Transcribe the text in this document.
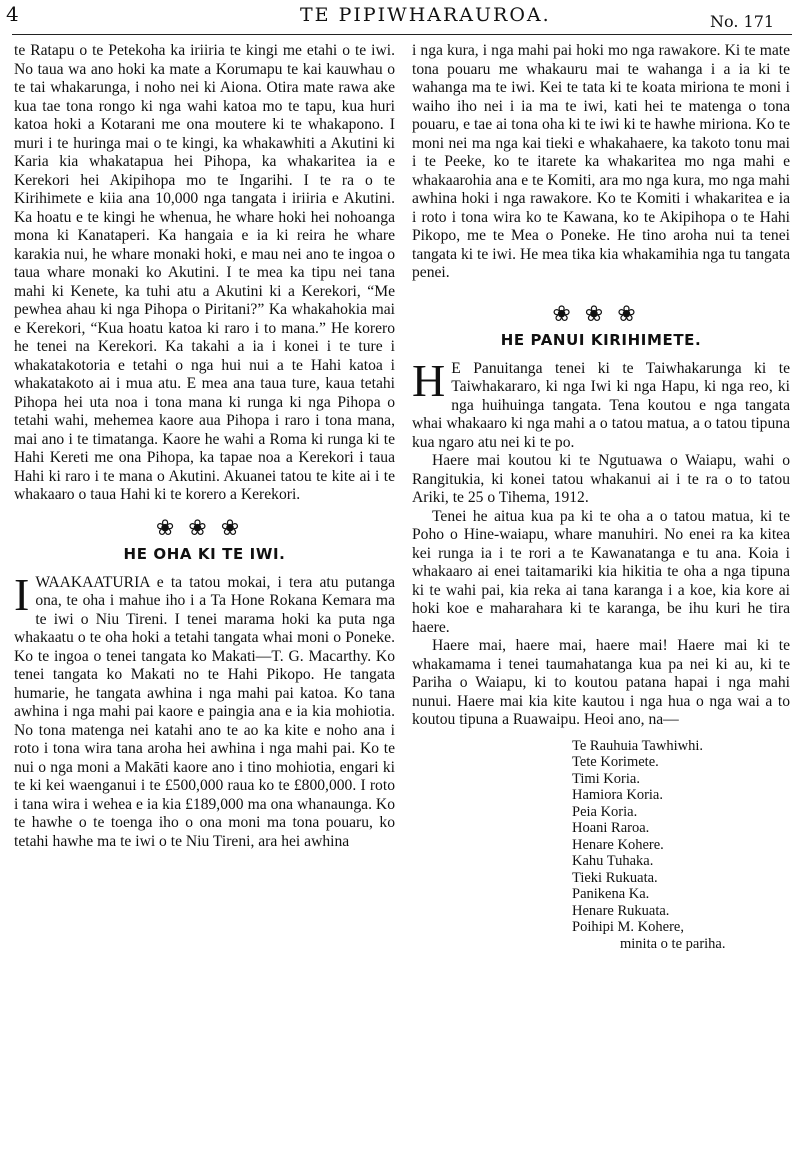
4	TE PIPIWHARAUROA.	No. 171

te Ratapu o te Petekoha ka iriiria te kingi me etahi o te iwi. No taua wa ano hoki ka mate a Korumapu te kai kauwhau o te tai whakarunga, i noho nei ki Aiona. Otira mate rawa ake kua tae tona rongo ki nga wahi katoa mo te tapu, kua huri katoa hoki a Kotarani me ona moutere ki te whakapono. I muri i te huringa mai o te kingi, ka whakawhiti a Akutini ki Karia kia whakatapua hei Pihopa, ka whakaritea ia e Kerekori hei Akipihopa mo te Ingarihi. I te ra o te Kirihimete e kiia ana 10,000 nga tangata i iriiria e Akutini. Ka hoatu e te kingi he whenua, he whare hoki hei nohoanga mona ki Kanataperi. Ka hangaia e ia ki reira he whare karakia nui, he whare monaki hoki, e mau nei ano te ingoa o taua whare monaki ko Akutini. I te mea ka tipu nei tana mahi ki Kenete, ka tuhi atu a Akutini ki a Kerekori, “Me pewhea ahau ki nga Pihopa o Piritani?” Ka whakahokia mai e Kerekori, “Kua hoatu katoa ki raro i to mana.” He korero he tenei na Kerekori. Ka takahi a ia i konei i te ture i whakatakotoria e tetahi o nga hui nui a te Hahi katoa i whakatakoto ai i mua atu. E mea ana taua ture, kaua tetahi Pihopa hei uta noa i tona mana ki runga ki nga Pihopa o tetahi wahi, mehemea kaore aua Pihopa i raro i tona mana, mai ano i te timatanga. Kaore he wahi a Roma ki runga ki te Hahi Kereti me ona Pihopa, ka tapae noa a Kerekori i taua Hahi ki raro i te mana o Akutini. Akuanei tatou te kite ai i te whakaaro o taua Hahi ki te korero a Kerekori.

❀❀❀
HE OHA KI TE IWI.

I WAAKAATURIA e ta tatou mokai, i tera atu putanga ona, te oha i mahue iho i a Ta Hone Rokana Kemara ma te iwi o Niu Tireni. I tenei marama hoki ka puta nga whakaatu o te oha hoki a tetahi tangata whai moni o Poneke. Ko te ingoa o tenei tangata ko Makati—T. G. Macarthy. Ko tenei tangata ko Makati no te Hahi Pikopo. He tangata humarie, he tangata awhina i nga mahi pai katoa. Ko tana awhina i nga mahi pai kaore e paingia ana e ia kia mohiotia. No tona matenga nei katahi ano te ao ka kite e noho ana i roto i tona wira tana aroha hei awhina i nga mahi pai. Ko te nui o nga moni a Makāti kaore ano i tino mohiotia, engari ki te ki kei waenganui i te £500,000 raua ko te £800,000. I roto i tana wira i wehea e ia kia £189,000 ma ona whanaunga. Ko te hawhe o te toenga iho o ona moni ma tona pouaru, ko tetahi hawhe ma te iwi o te Niu Tireni, ara hei awhina

i nga kura, i nga mahi pai hoki mo nga rawakore. Ki te mate tona pouaru me whakauru mai te wahanga i a ia ki te wahanga ma te iwi. Kei te tata ki te koata miriona te moni i waiho iho nei i ia ma te iwi, kati hei te matenga o tona pouaru, e tae ai tona oha ki te iwi ki te hawhe miriona. Ko te moni nei ma nga kai tieki e whakahaere, ka takoto tonu mai i te Peeke, ko te itarete ka whakaritea mo nga mahi e whakaarohia ana e te Komiti, ara mo nga kura, mo nga mahi awhina hoki i nga rawakore. Ko te Komiti i whakaritea e ia i roto i tona wira ko te Kawana, ko te Akipihopa o te Hahi Pikopo, me te Mea o Poneke. He tino aroha nui ta tenei tangata ki te iwi. He mea tika kia whakamihia nga tu tangata penei.

❀❀❀
HE PANUI KIRIHIMETE.

H E Panuitanga tenei ki te Taiwhakarunga ki te Taiwhakararo, ki nga Iwi ki nga Hapu, ki nga reo, ki nga huihuinga tangata. Tena koutou e nga tangata whai whakaaro ki nga mahi a o tatou matua, a o tatou tipuna kua ngaro atu nei ki te po.

Haere mai koutou ki te Ngutuawa o Waiapu, wahi o Rangitukia, ki konei tatou whakanui ai i te ra o to tatou Ariki, te 25 o Tihema, 1912.

Tenei he aitua kua pa ki te oha a o tatou matua, ki te Poho o Hine-waiapu, whare manuhiri. No enei ra ka kitea kei runga ia i te rori a te Kawanatanga e tu ana. Koia i whakaaro ai enei taitamariki kia hikitia te oha a nga tipuna ki te wahi pai, kia reka ai tana karanga i a koe, kia kore ai hoki koe e maharahara ki te karanga, be ihu kuri he tira haere.

Haere mai, haere mai, haere mai! Haere mai ki te whakamama i tenei taumahatanga kua pa nei ki au, ki te Pariha o Waiapu, ki to koutou patana hapai i nga mahi nunui. Haere mai kia kite kautou i nga hua o nga wai a to koutou tipuna a Ruawaipu. Heoi ano, na—

Te Rauhuia Tawhiwhi.
Tete Korimete.
Timi Koria.
Hamiora Koria.
Peia Koria.
Hoani Raroa.
Henare Kohere.
Kahu Tuhaka.
Tieki Rukuata.
Panikena Ka.
Henare Rukuata.
Poihipi M. Kohere,
minita o te pariha.
